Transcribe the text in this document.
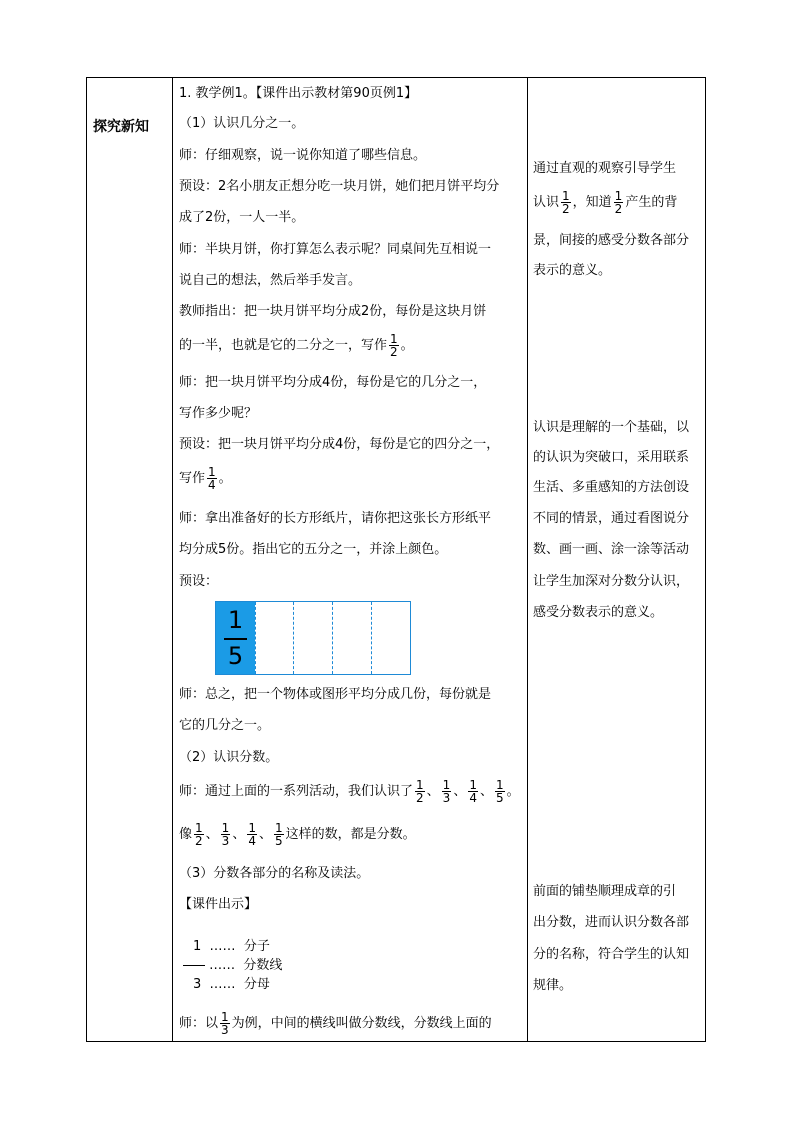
探究新知
1. 教学例1。【课件出示教材第90页例1】
（1）认识几分之一。
师：仔细观察，说一说你知道了哪些信息。
预设：2名小朋友正想分吃一块月饼，她们把月饼平均分
成了2份，一人一半。
师：半块月饼，你打算怎么表示呢？同桌间先互相说一
说自己的想法，然后举手发言。
教师指出：把一块月饼平均分成2份，每份是这块月饼
的一半，也就是它的二分之一，写作 $\frac{1}{2}$ 。
师：把一块月饼平均分成4份，每份是它的几分之一，
写作多少呢？
预设：把一块月饼平均分成4份，每份是它的四分之一，
写作 $\frac{1}{4}$ 。
师：拿出准备好的长方形纸片，请你把这张长方形纸平
均分成5份。指出它的五分之一，并涂上颜色。
预设：
1
5
师：总之，把一个物体或图形平均分成几份，每份就是
它的几分之一。
（2）认识分数。
师：通过上面的一系列活动，我们认识了 $\frac{1}{2}$ 、 $\frac{1}{3}$ 、 $\frac{1}{4}$ 、 $\frac{1}{5}$ 。
像 $\frac{1}{2}$ 、 $\frac{1}{3}$ 、 $\frac{1}{4}$ 、 $\frac{1}{5}$ 这样的数，都是分数。
（3）分数各部分的名称及读法。
【课件出示】
1 …… 分子
…… 分数线
3 …… 分母
师：以 $\frac{1}{3}$ 为例，中间的横线叫做分数线，分数线上面的
通过直观的观察引导学生
认识 $\frac{1}{2}$ ，知道 $\frac{1}{2}$ 产生的背
景，间接的感受分数各部分
表示的意义。
认识是理解的一个基础，以
的认识为突破口，采用联系
生活、多重感知的方法创设
不同的情景，通过看图说分
数、画一画、涂一涂等活动
让学生加深对分数分认识，
感受分数表示的意义。
前面的铺垫顺理成章的引
出分数，进而认识分数各部
分的名称，符合学生的认知
规律。
